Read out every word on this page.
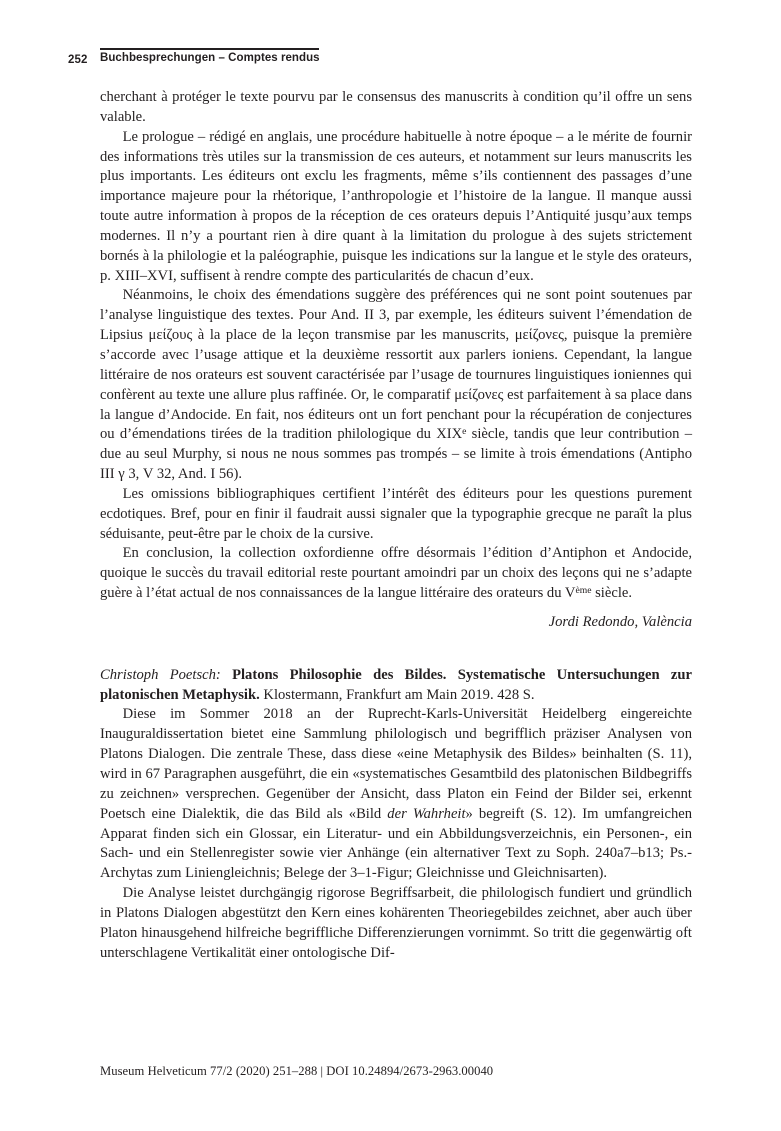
252	Buchbesprechungen – Comptes rendus

cherchant à protéger le texte pourvu par le consensus des manuscrits à condition qu’il offre un sens valable.

Le prologue – rédigé en anglais, une procédure habituelle à notre époque – a le mérite de fournir des informations très utiles sur la transmission de ces auteurs, et notamment sur leurs manuscrits les plus importants. Les éditeurs ont exclu les fragments, même s’ils contiennent des passages d’une importance majeure pour la rhétorique, l’anthropologie et l’histoire de la langue. Il manque aussi toute autre information à propos de la réception de ces orateurs depuis l’Antiquité jusqu’aux temps modernes. Il n’y a pourtant rien à dire quant à la limitation du prologue à des sujets strictement bornés à la philologie et la paléographie, puisque les indications sur la langue et le style des orateurs, p. XIII–XVI, suffisent à rendre compte des particularités de chacun d’eux.

Néanmoins, le choix des émendations suggère des préférences qui ne sont point soutenues par l’analyse linguistique des textes. Pour And. II 3, par exemple, les éditeurs suivent l’émendation de Lipsius μείζους à la place de la leçon transmise par les manuscrits, μείζονες, puisque la première s’accorde avec l’usage attique et la deuxième ressortit aux parlers ioniens. Cependant, la langue littéraire de nos orateurs est souvent caractérisée par l’usage de tournures linguistiques ioniennes qui confèrent au texte une allure plus raffinée. Or, le comparatif μείζονες est parfaitement à sa place dans la langue d’Andocide. En fait, nos éditeurs ont un fort penchant pour la récupération de conjectures ou d’émendations tirées de la tradition philologique du XIXe siècle, tandis que leur contribution – due au seul Murphy, si nous ne nous sommes pas trompés – se limite à trois émendations (Antipho III γ 3, V 32, And. I 56).

Les omissions bibliographiques certifient l’intérêt des éditeurs pour les questions purement ecdotiques. Bref, pour en finir il faudrait aussi signaler que la typographie grecque ne paraît la plus séduisante, peut-être par le choix de la cursive.

En conclusion, la collection oxfordienne offre désormais l’édition d’Antiphon et Andocide, quoique le succès du travail editorial reste pourtant amoindri par un choix des leçons qui ne s’adapte guère à l’état actual de nos connaissances de la langue littéraire des orateurs du Vème siècle.

Jordi Redondo, València

Christoph Poetsch: Platons Philosophie des Bildes. Systematische Untersuchungen zur platonischen Metaphysik. Klostermann, Frankfurt am Main 2019. 428 S.

Diese im Sommer 2018 an der Ruprecht-Karls-Universität Heidelberg eingereichte Inauguraldissertation bietet eine Sammlung philologisch und begrifflich präziser Analysen von Platons Dialogen. Die zentrale These, dass diese «eine Metaphysik des Bildes» beinhalten (S. 11), wird in 67 Paragraphen ausgeführt, die ein «systematisches Gesamtbild des platonischen Bildbegriffs zu zeichnen» versprechen. Gegenüber der Ansicht, dass Platon ein Feind der Bilder sei, erkennt Poetsch eine Dialektik, die das Bild als «Bild der Wahrheit» begreift (S. 12). Im umfangreichen Apparat finden sich ein Glossar, ein Literatur- und ein Abbildungsverzeichnis, ein Personen-, ein Sach- und ein Stellenregister sowie vier Anhänge (ein alternativer Text zu Soph. 240a7–b13; Ps.-Archytas zum Liniengleichnis; Belege der 3–1-Figur; Gleichnisse und Gleichnisarten).

Die Analyse leistet durchgängig rigorose Begriffsarbeit, die philologisch fundiert und gründlich in Platons Dialogen abgestützt den Kern eines kohärenten Theoriegebildes zeichnet, aber auch über Platon hinausgehend hilfreiche begriffliche Differenzierungen vornimmt. So tritt die gegenwärtig oft unterschlagene Vertikalität einer ontologische Dif-

Museum Helveticum 77/2 (2020) 251–288 | DOI 10.24894/2673-2963.00040
